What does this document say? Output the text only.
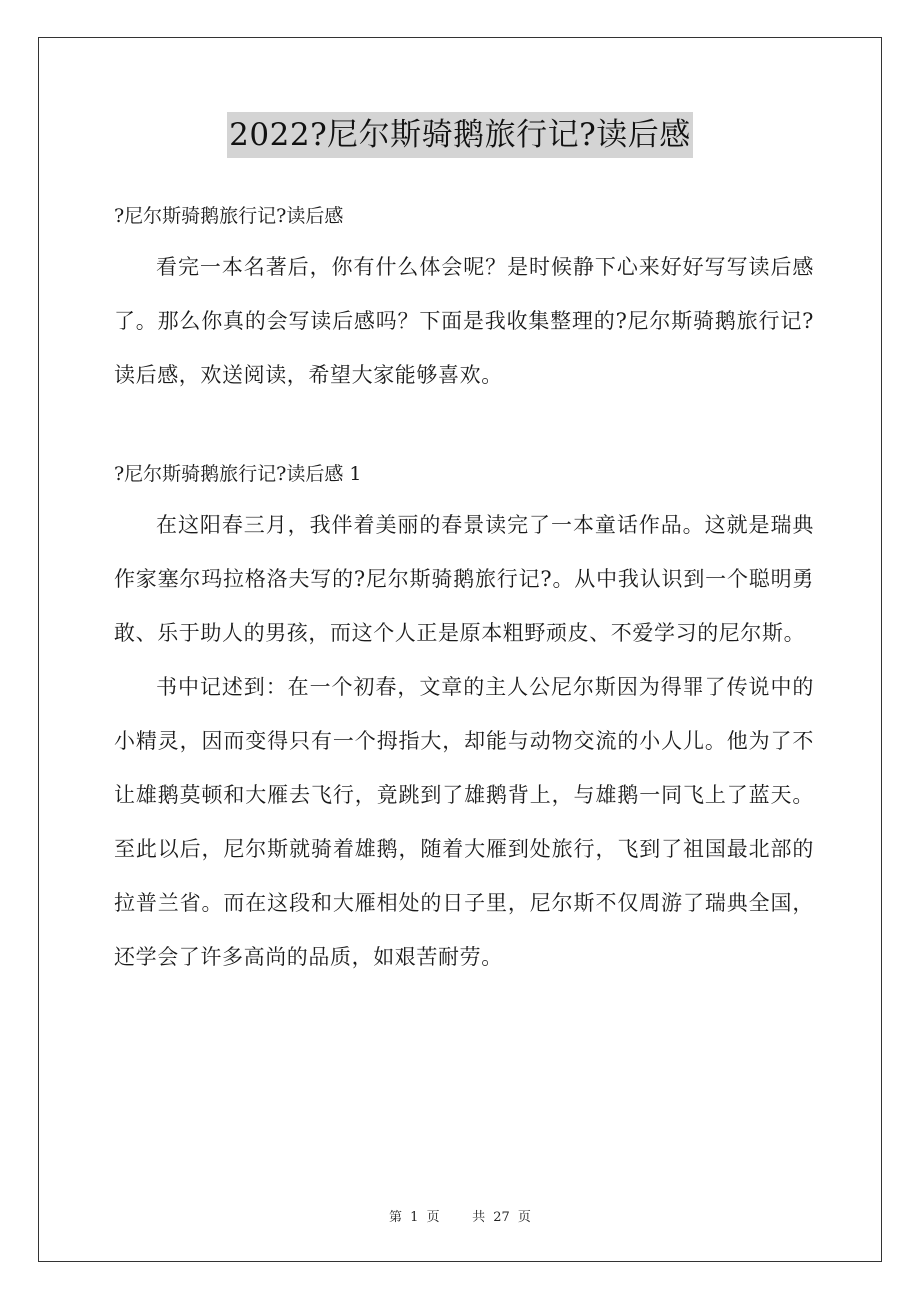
2022?尼尔斯骑鹅旅行记?读后感

?尼尔斯骑鹅旅行记?读后感

看完一本名著后，你有什么体会呢？是时候静下心来好好写写读后感了。那么你真的会写读后感吗？下面是我收集整理的?尼尔斯骑鹅旅行记?读后感，欢送阅读，希望大家能够喜欢。

?尼尔斯骑鹅旅行记?读后感 1

在这阳春三月，我伴着美丽的春景读完了一本童话作品。这就是瑞典作家塞尔玛拉格洛夫写的?尼尔斯骑鹅旅行记?。从中我认识到一个聪明勇敢、乐于助人的男孩，而这个人正是原本粗野顽皮、不爱学习的尼尔斯。

书中记述到：在一个初春，文章的主人公尼尔斯因为得罪了传说中的小精灵，因而变得只有一个拇指大，却能与动物交流的小人儿。他为了不让雄鹅莫顿和大雁去飞行，竟跳到了雄鹅背上，与雄鹅一同飞上了蓝天。至此以后，尼尔斯就骑着雄鹅，随着大雁到处旅行，飞到了祖国最北部的拉普兰省。而在这段和大雁相处的日子里，尼尔斯不仅周游了瑞典全国，还学会了许多高尚的品质，如艰苦耐劳。

第 1 页	共 27 页
